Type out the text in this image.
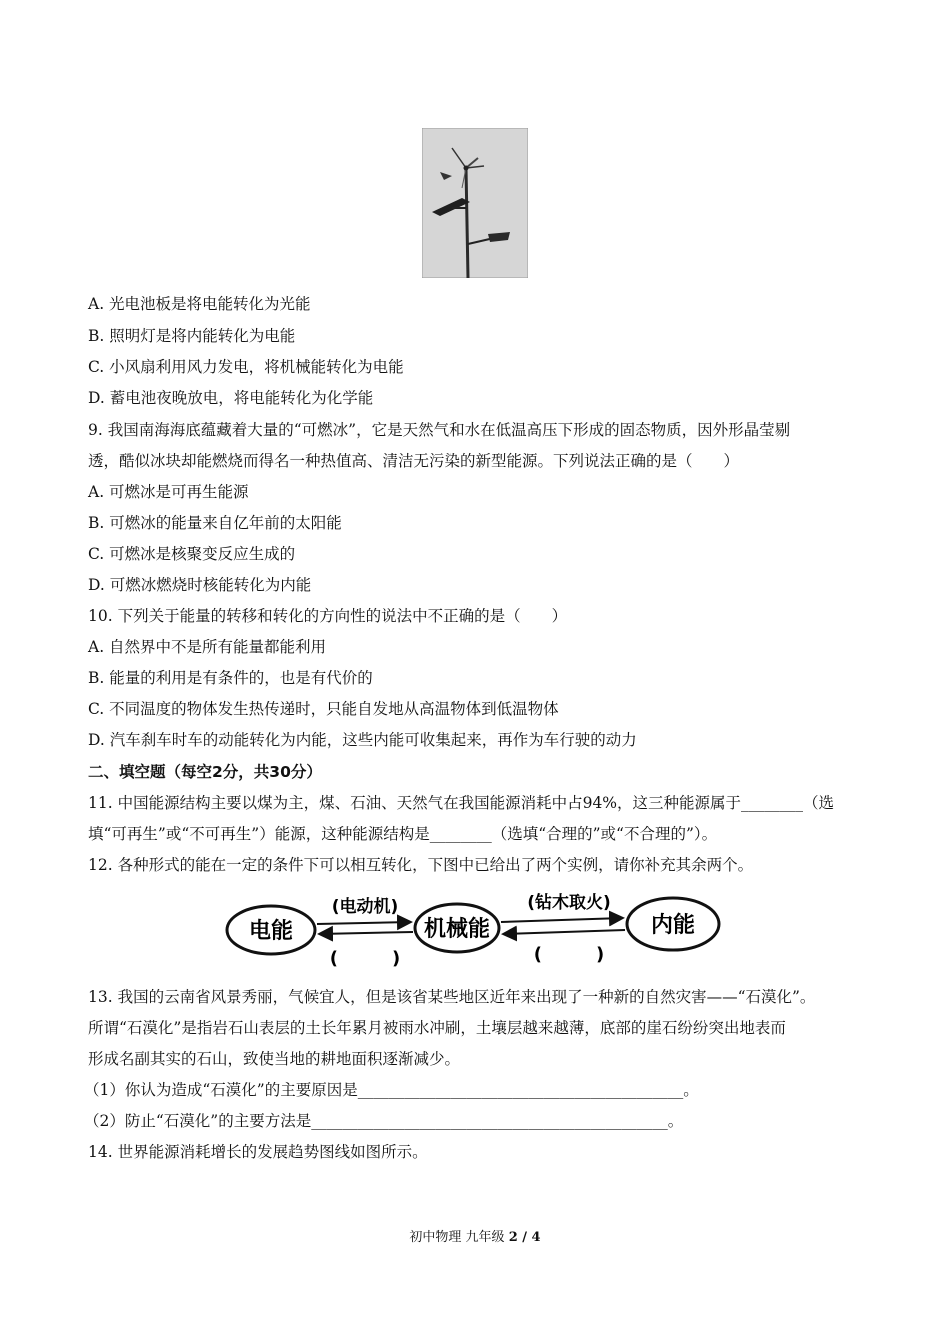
A. 光电池板是将电能转化为光能
B. 照明灯是将内能转化为电能
C. 小风扇利用风力发电，将机械能转化为电能
D. 蓄电池夜晚放电，将电能转化为化学能
9. 我国南海海底蕴藏着大量的“可燃冰”，它是天然气和水在低温高压下形成的固态物质，因外形晶莹剔
透，酷似冰块却能燃烧而得名一种热值高、清洁无污染的新型能源。下列说法正确的是（　　）
A. 可燃冰是可再生能源
B. 可燃冰的能量来自亿年前的太阳能
C. 可燃冰是核聚变反应生成的
D. 可燃冰燃烧时核能转化为内能
10. 下列关于能量的转移和转化的方向性的说法中不正确的是（　　）
A. 自然界中不是所有能量都能利用
B. 能量的利用是有条件的，也是有代价的
C. 不同温度的物体发生热传递时，只能自发地从高温物体到低温物体
D. 汽车刹车时车的动能转化为内能，这些内能可收集起来，再作为车行驶的动力
二、填空题（每空2分，共30分）
11. 中国能源结构主要以煤为主，煤、石油、天然气在我国能源消耗中占94%，这三种能源属于________（选
填“可再生”或“不可再生”）能源，这种能源结构是________（选填“合理的”或“不合理的”）。
12. 各种形式的能在一定的条件下可以相互转化，下图中已给出了两个实例，请你补充其余两个。
电能	机械能	内能
(电动机)	(钻木取火)
(　　　)	(　　　)
13. 我国的云南省风景秀丽，气候宜人，但是该省某些地区近年来出现了一种新的自然灾害——“石漠化”。
所谓“石漠化”是指岩石山表层的土长年累月被雨水冲刷，土壤层越来越薄，底部的崖石纷纷突出地表而
形成名副其实的石山，致使当地的耕地面积逐渐减少。
（1）你认为造成“石漠化”的主要原因是__________________________________________。
（2）防止“石漠化”的主要方法是______________________________________________。
14. 世界能源消耗增长的发展趋势图线如图所示。
初中物理 九年级 2 / 4
